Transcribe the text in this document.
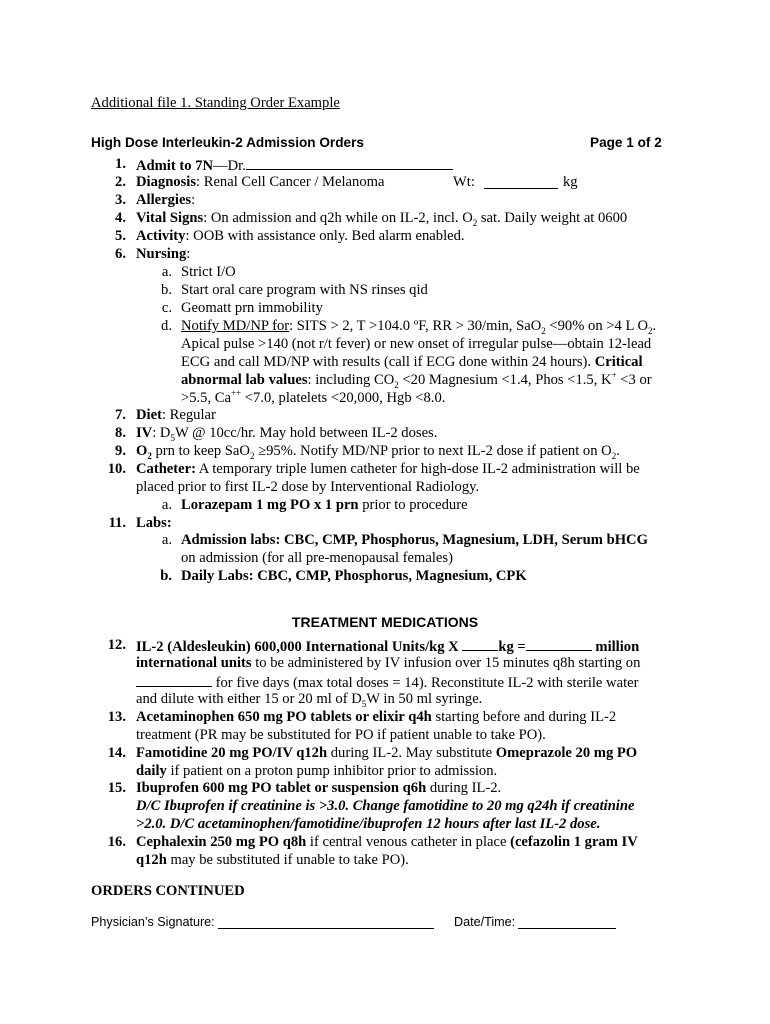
Additional file 1. Standing Order Example
High Dose Interleukin-2 Admission Orders	Page 1 of 2
1. Admit to 7N—Dr.
2. Diagnosis: Renal Cell Cancer / Melanoma	Wt:	kg
3. Allergies:
4. Vital Signs: On admission and q2h while on IL-2, incl. $O_2$ sat. Daily weight at 0600
5. Activity: OOB with assistance only. Bed alarm enabled.
6. Nursing:
a. Strict I/O
b. Start oral care program with NS rinses qid
c. Geomatt prn immobility
d. Notify MD/NP for: SITS > 2, T >104.0 ºF, RR > 30/min, SaO$_2$ <90% on >4 L $O_2$.
Apical pulse >140 (not r/t fever) or new onset of irregular pulse—obtain 12-lead
ECG and call MD/NP with results (call if ECG done within 24 hours). Critical
abnormal lab values: including $CO_2 <20$ Magnesium <1.4, Phos <1.5, K+ <3 or
>5.5, Ca++ <7.0, platelets <20,000, Hgb <8.0.
7. Diet: Regular
8. IV: $D_5W$ @ 10cc/hr. May hold between IL-2 doses.
9. $O_2$ prn to keep SaO$_2$ ≥95%. Notify MD/NP prior to next IL-2 dose if patient on $O_2$.
10. Catheter: A temporary triple lumen catheter for high-dose IL-2 administration will be
placed prior to first IL-2 dose by Interventional Radiology.
a. Lorazepam 1 mg PO x 1 prn prior to procedure
11. Labs:
a. Admission labs: CBC, CMP, Phosphorus, Magnesium, LDH, Serum bHCG
on admission (for all pre-menopausal females)
b. Daily Labs: CBC, CMP, Phosphorus, Magnesium, CPK
TREATMENT MEDICATIONS
12. IL-2 (Aldesleukin) 600,000 International Units/kg X kg =	million
international units to be administered by IV infusion over 15 minutes q8h starting on
for five days (max total doses = 14). Reconstitute IL-2 with sterile water
and dilute with either 15 or 20 ml of $D_5W$ in 50 ml syringe.
13. Acetaminophen 650 mg PO tablets or elixir q4h starting before and during IL-2
treatment (PR may be substituted for PO if patient unable to take PO).
14. Famotidine 20 mg PO/IV q12h during IL-2. May substitute Omeprazole 20 mg PO
daily if patient on a proton pump inhibitor prior to admission.
15. Ibuprofen 600 mg PO tablet or suspension q6h during IL-2.
D/C Ibuprofen if creatinine is >3.0. Change famotidine to 20 mg q24h if creatinine
>2.0. D/C acetaminophen/famotidine/ibuprofen 12 hours after last IL-2 dose.
16. Cephalexin 250 mg PO q8h if central venous catheter in place (cefazolin 1 gram IV
q12h may be substituted if unable to take PO).
ORDERS CONTINUED
Physician’s Signature:	Date/Time:
